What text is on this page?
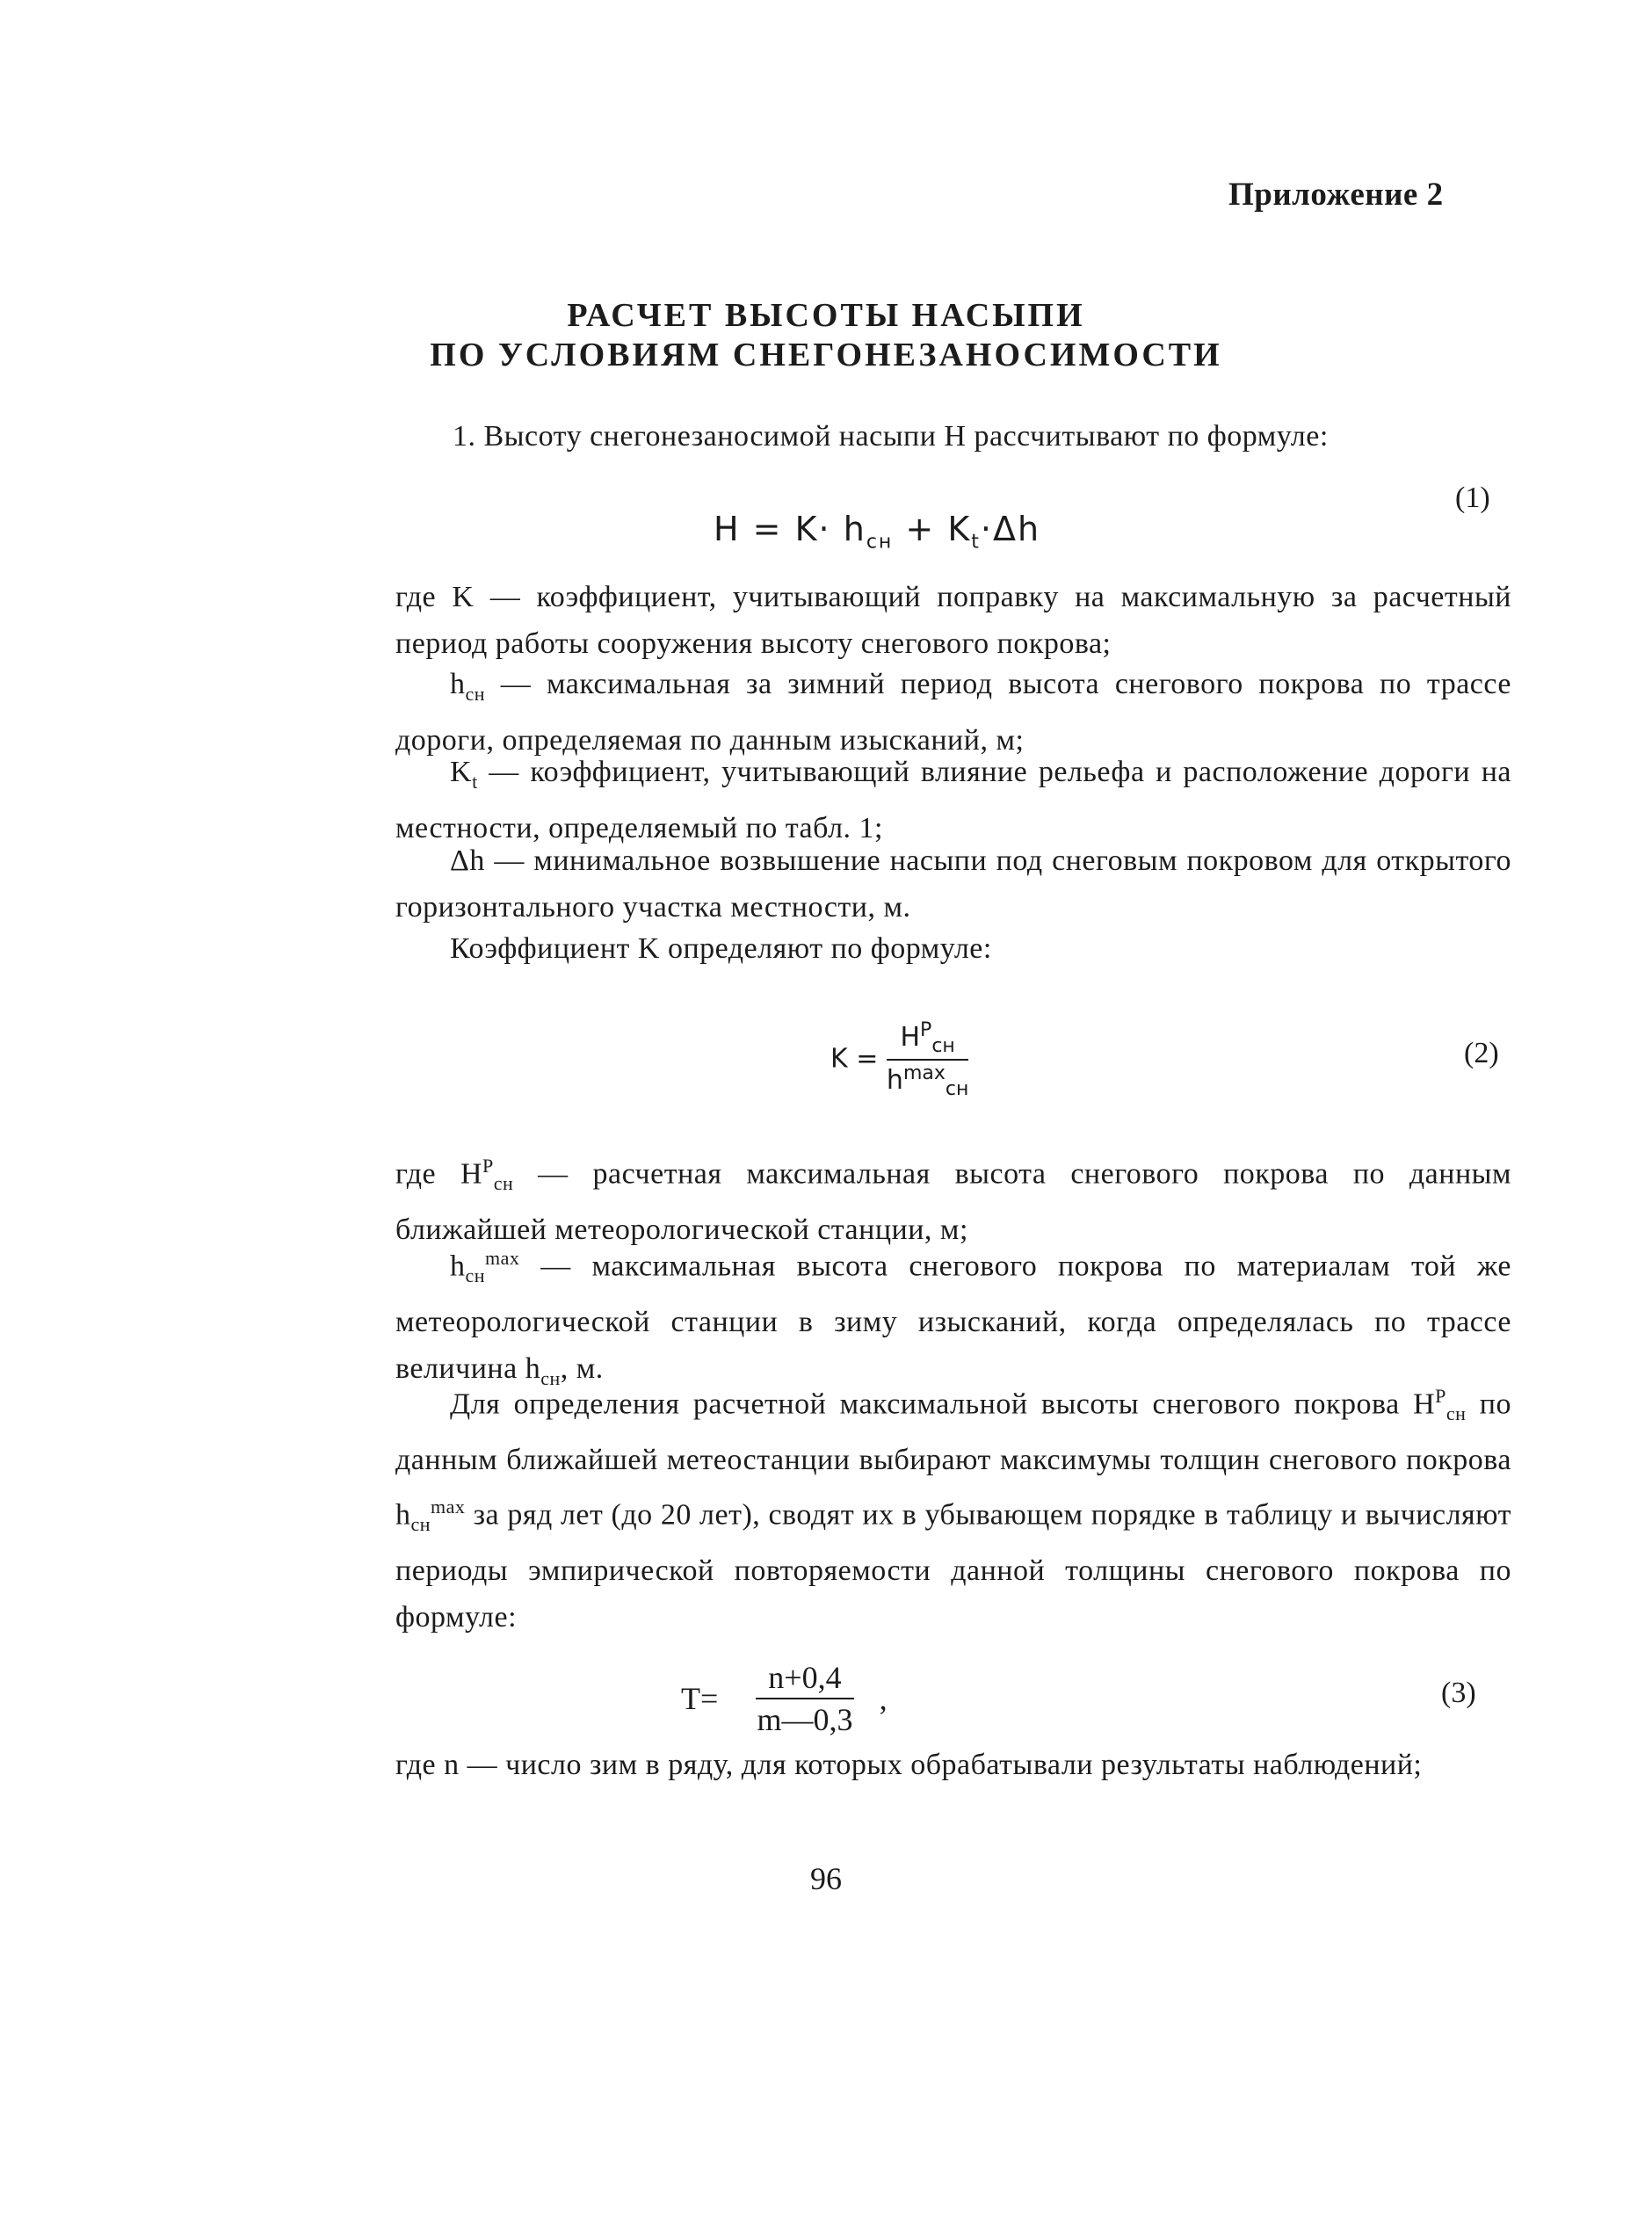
Приложение 2
РАСЧЕТ ВЫСОТЫ НАСЫПИ
ПО УСЛОВИЯМ СНЕГОНЕЗАНОСИМОСТИ
1. Высоту снегонезаносимой насыпи H рассчитывают по формуле:
$H = K\cdot h_{сн} + K_t\cdot\Delta h$
(1)
где K — коэффициент, учитывающий поправку на максимальную за расчетный период работы сооружения высоту снегового покрова;
$h_{сн}$ — максимальная за зимний период высота снегового покрова по трассе дороги, определяемая по данным изысканий, м;
$K_t$ — коэффициент, учитывающий влияние рельефа и расположение дороги на местности, определяемый по табл. 1;
Δh — минимальное возвышение насыпи под снеговым покровом для открытого горизонтального участка местности, м.
Коэффициент K определяют по формуле:
$K = \frac{H^P_{сн}}{h^{max}_{сн}}$	(2)
где $H^P_{сн}$ — расчетная максимальная высота снегового покрова по данным ближайшей метеорологической станции, м;
$h_{сн}^{max}$ — максимальная высота снегового покрова по материалам той же метеорологической станции в зиму изысканий, когда определялась по трассе величина $h_{сн}$, м.
Для определения расчетной максимальной высоты снегового покрова $H^P_{сн}$ по данным ближайшей метеостанции выбирают максимумы толщин снегового покрова $h_{сн}^{max}$ за ряд лет (до 20 лет), сводят их в убывающем порядке в таблицу и вычисляют периоды эмпирической повторяемости данной толщины снегового покрова по формуле:
$T= \frac{n+0,4}{m—0,3}$ ,	(3)
где n — число зим в ряду, для которых обрабатывали результаты наблюдений;
96
